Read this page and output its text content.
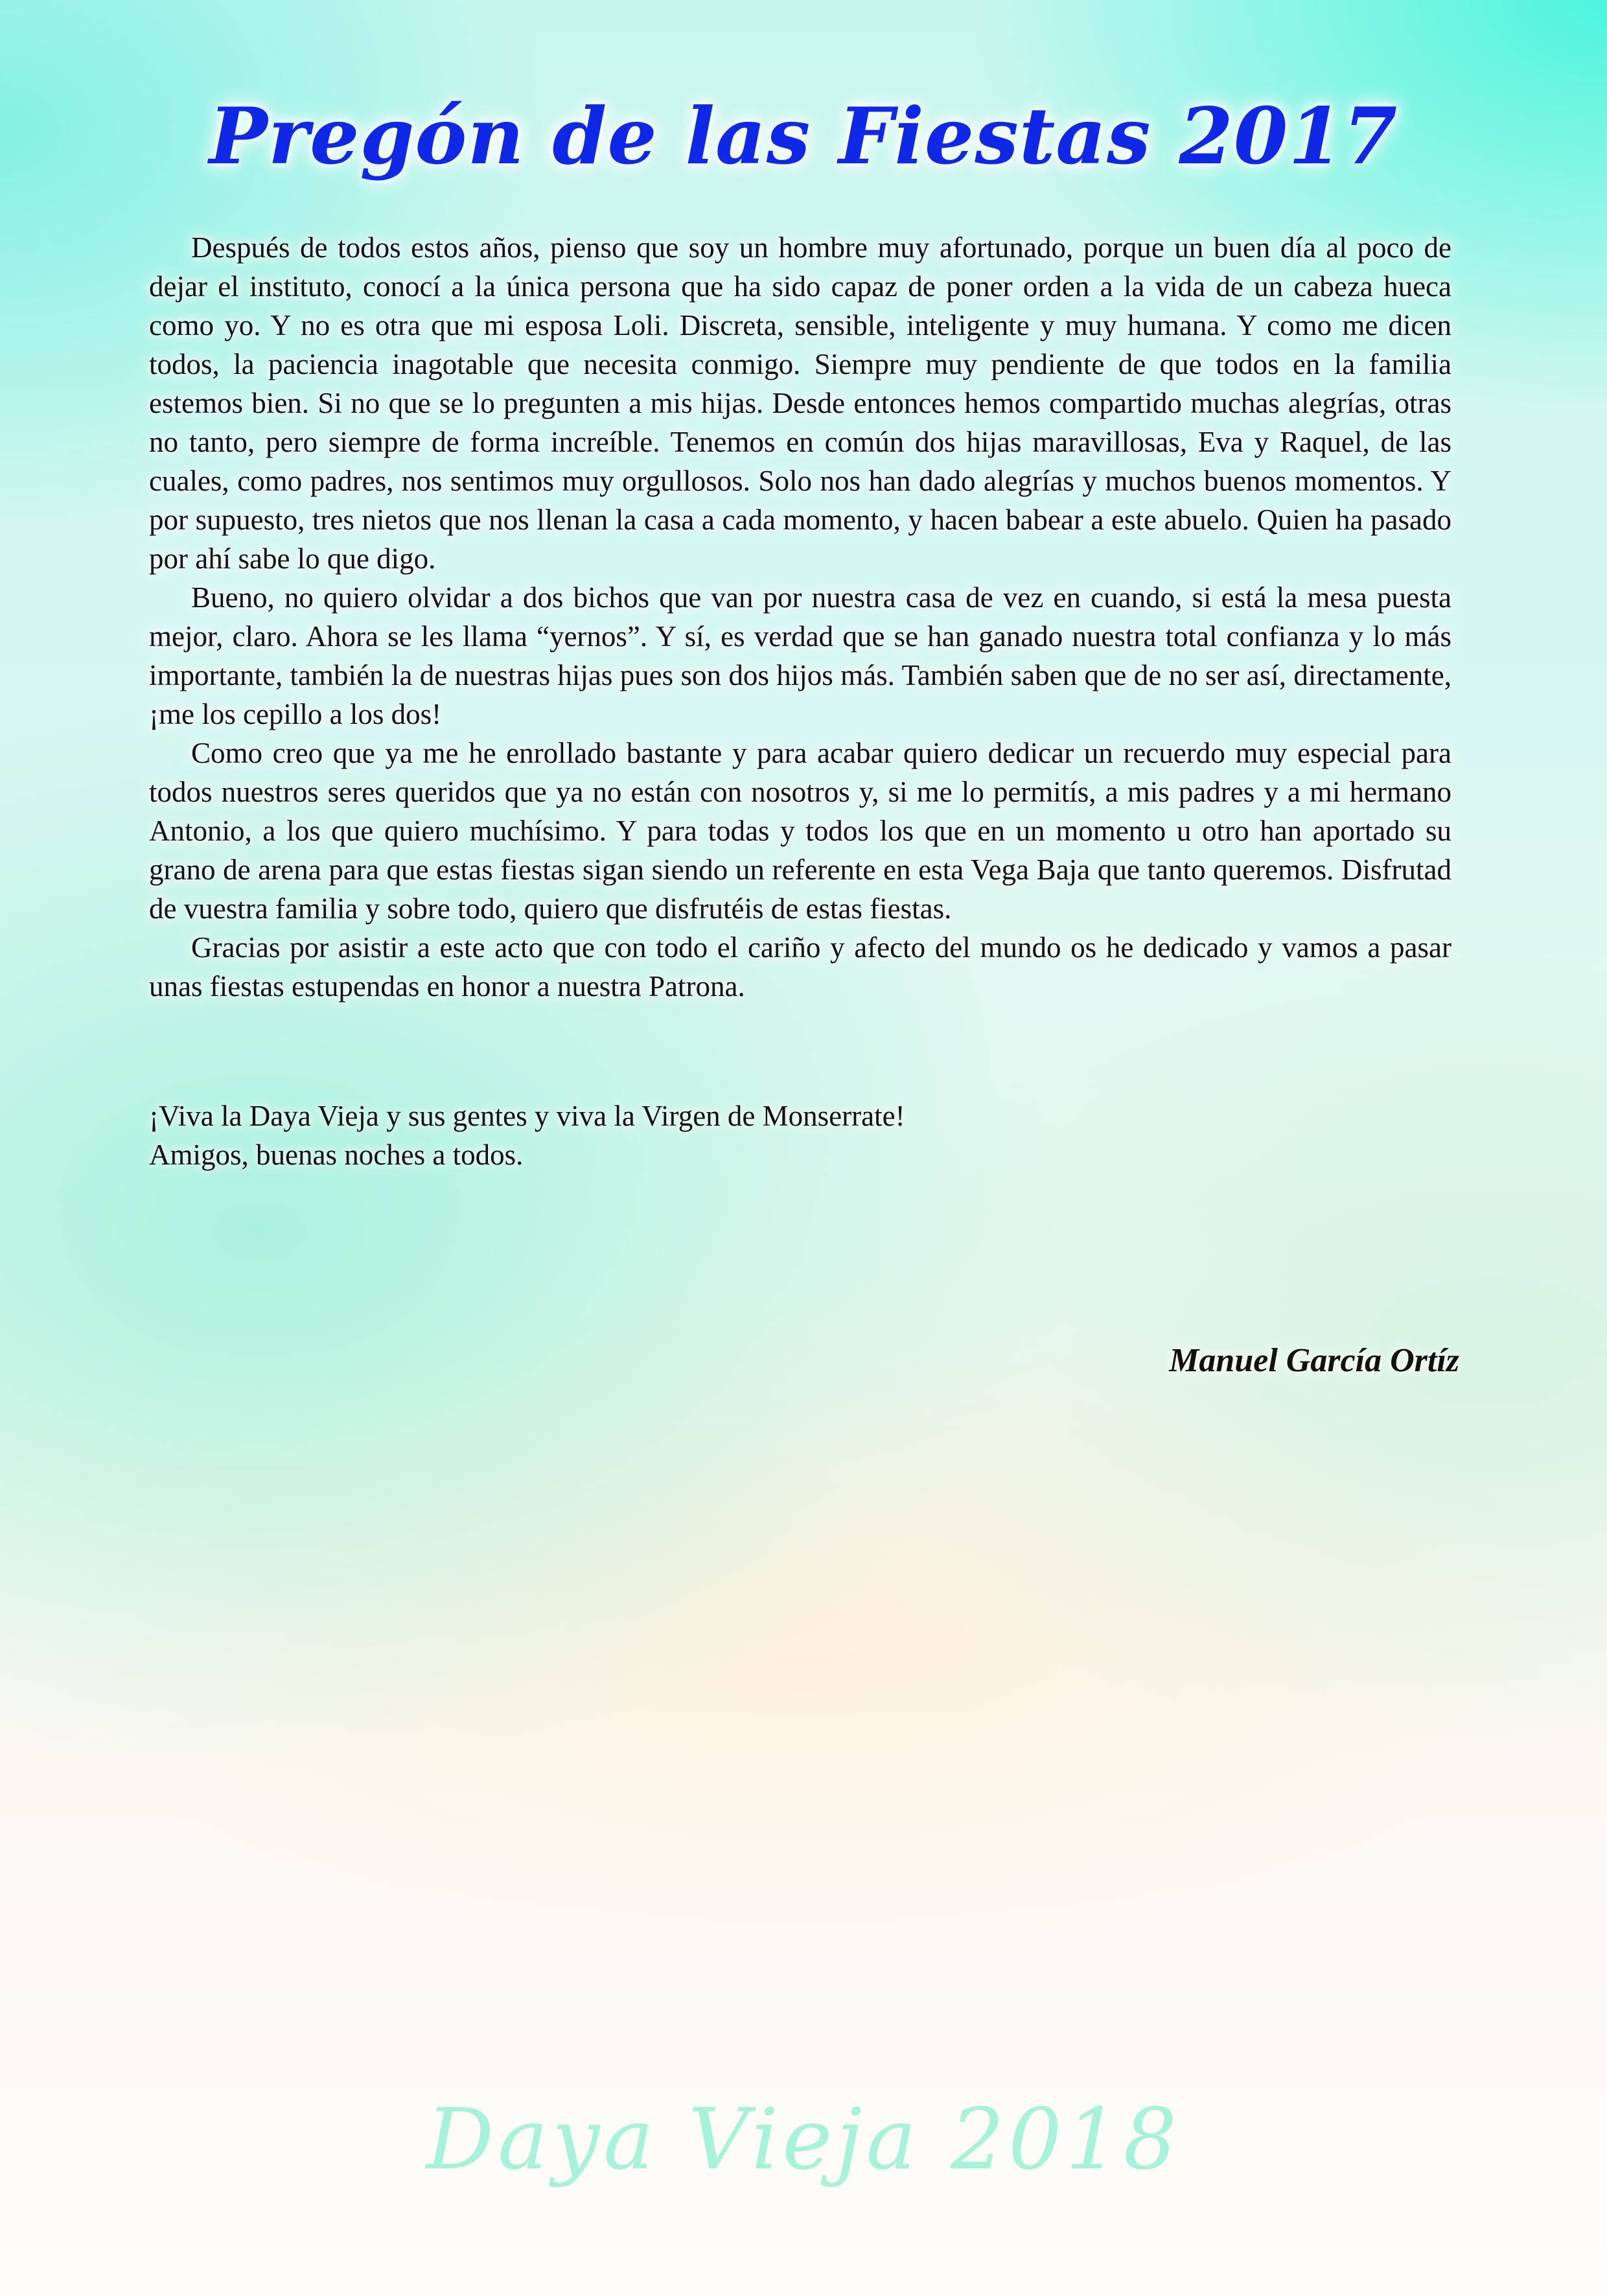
Pregón de las Fiestas 2017

Después de todos estos años, pienso que soy un hombre muy afortunado, porque un buen día al poco de dejar el instituto, conocí a la única persona que ha sido capaz de poner orden a la vida de un cabeza hueca como yo. Y no es otra que mi esposa Loli. Discreta, sensible, inteligente y muy humana. Y como me dicen todos, la paciencia inagotable que necesita conmigo. Siempre muy pendiente de que todos en la familia estemos bien. Si no que se lo pregunten a mis hijas. Desde entonces hemos compartido muchas alegrías, otras no tanto, pero siempre de forma increíble. Tenemos en común dos hijas maravillosas, Eva y Raquel, de las cuales, como padres, nos sentimos muy orgullosos. Solo nos han dado alegrías y muchos buenos momentos. Y por supuesto, tres nietos que nos llenan la casa a cada momento, y hacen babear a este abuelo. Quien ha pasado por ahí sabe lo que digo.

Bueno, no quiero olvidar a dos bichos que van por nuestra casa de vez en cuando, si está la mesa puesta mejor, claro. Ahora se les llama “yernos”. Y sí, es verdad que se han ganado nuestra total confianza y lo más importante, también la de nuestras hijas pues son dos hijos más. También saben que de no ser así, directamente, ¡me los cepillo a los dos!

Como creo que ya me he enrollado bastante y para acabar quiero dedicar un recuerdo muy especial para todos nuestros seres queridos que ya no están con nosotros y, si me lo permitís, a mis padres y a mi hermano Antonio, a los que quiero muchísimo. Y para todas y todos los que en un momento u otro han aportado su grano de arena para que estas fiestas sigan siendo un referente en esta Vega Baja que tanto queremos. Disfrutad de vuestra familia y sobre todo, quiero que disfrutéis de estas fiestas.

Gracias por asistir a este acto que con todo el cariño y afecto del mundo os he dedicado y vamos a pasar unas fiestas estupendas en honor a nuestra Patrona.

¡Viva la Daya Vieja y sus gentes y viva la Virgen de Monserrate!
Amigos, buenas noches a todos.
Manuel García Ortíz
Daya Vieja 2018
